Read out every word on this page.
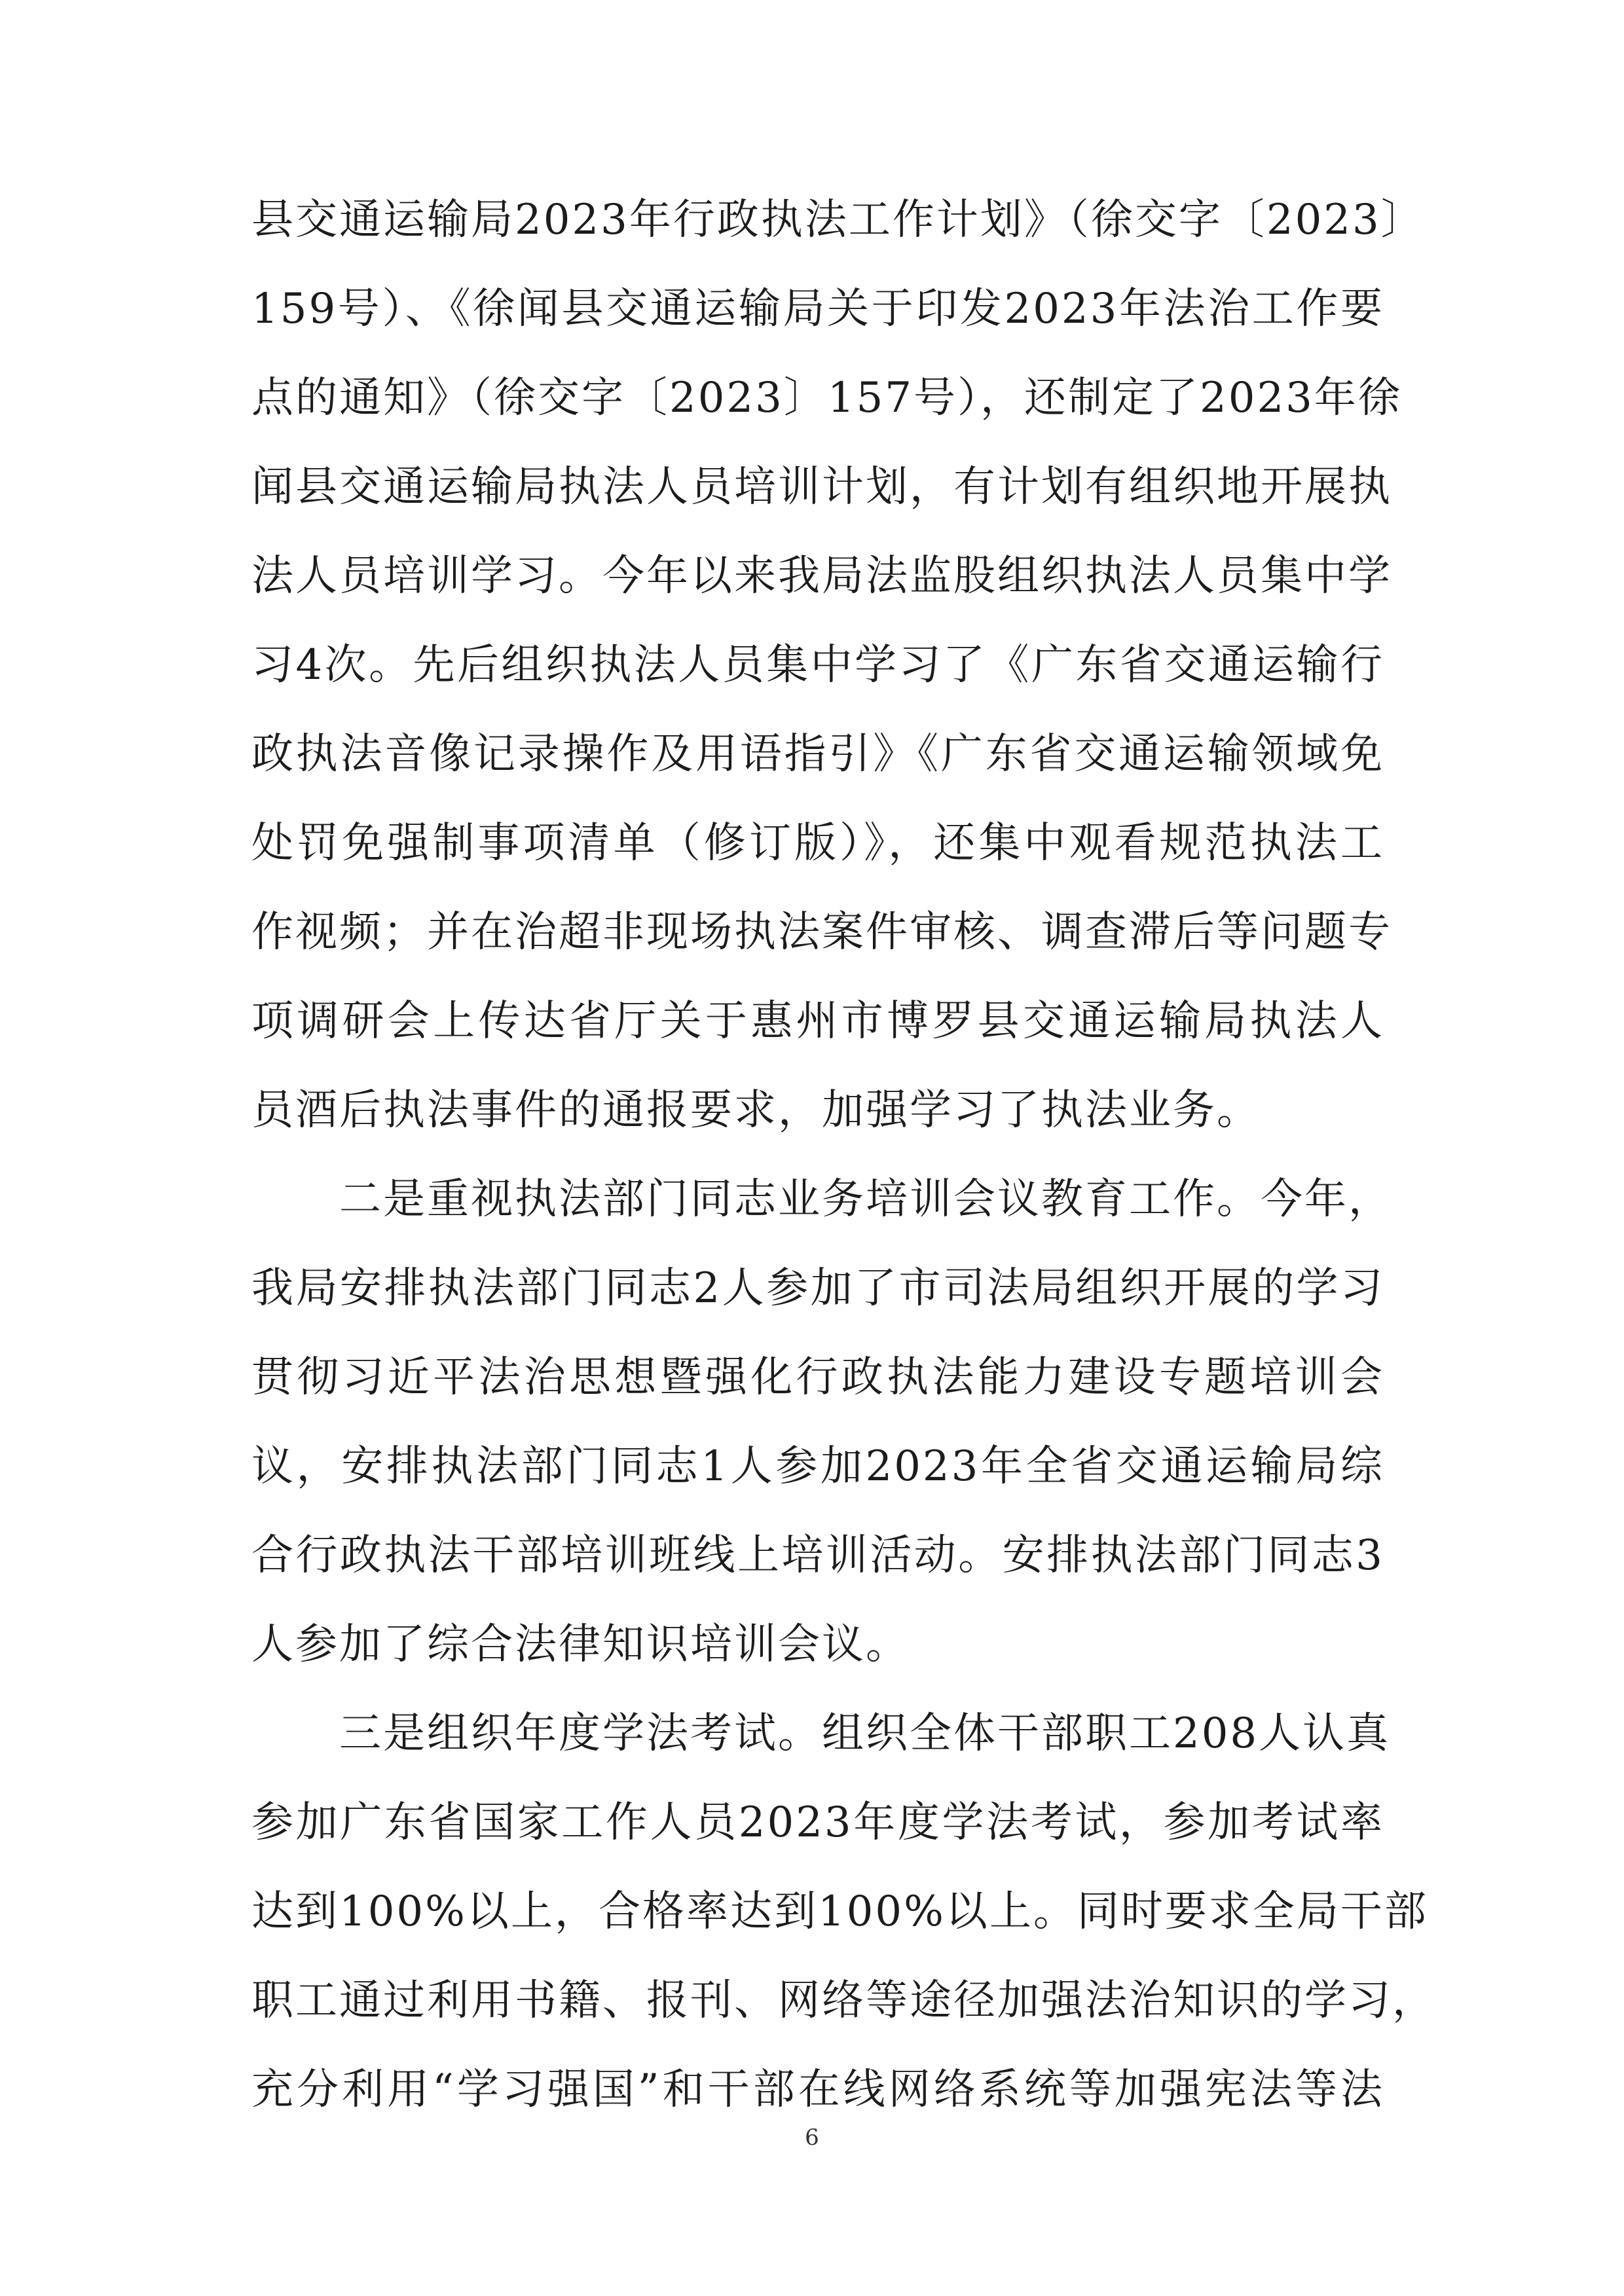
县交通运输局2023年行政执法工作计划》（徐交字〔2023〕
159号）、《徐闻县交通运输局关于印发2023年法治工作要
点的通知》（徐交字〔2023〕157号），还制定了2023年徐
闻县交通运输局执法人员培训计划，有计划有组织地开展执
法人员培训学习。今年以来我局法监股组织执法人员集中学
习4次。先后组织执法人员集中学习了《广东省交通运输行
政执法音像记录操作及用语指引》《广东省交通运输领域免
处罚免强制事项清单（修订版）》，还集中观看规范执法工
作视频；并在治超非现场执法案件审核、调查滞后等问题专
项调研会上传达省厅关于惠州市博罗县交通运输局执法人
员酒后执法事件的通报要求，加强学习了执法业务。
　　二是重视执法部门同志业务培训会议教育工作。今年，
我局安排执法部门同志2人参加了市司法局组织开展的学习
贯彻习近平法治思想暨强化行政执法能力建设专题培训会
议，安排执法部门同志1人参加2023年全省交通运输局综
合行政执法干部培训班线上培训活动。安排执法部门同志3
人参加了综合法律知识培训会议。
　　三是组织年度学法考试。组织全体干部职工208人认真
参加广东省国家工作人员2023年度学法考试，参加考试率
达到100%以上，合格率达到100%以上。同时要求全局干部
职工通过利用书籍、报刊、网络等途径加强法治知识的学习，
充分利用“学习强国”和干部在线网络系统等加强宪法等法
6
